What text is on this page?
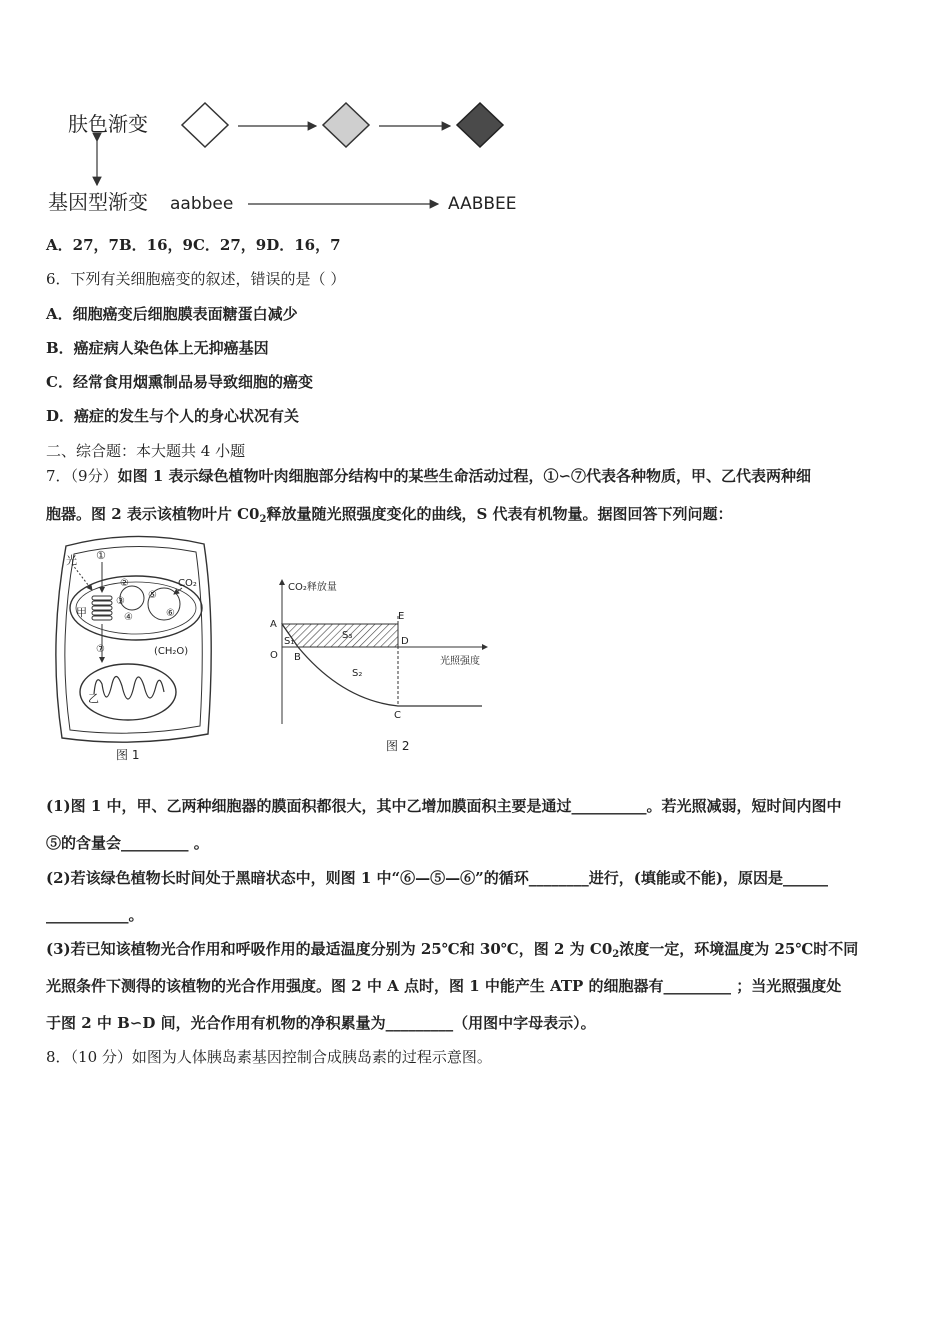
肤色渐变
基因型渐变 aabbee	AABBEE
A．27，7B．16，9C．27，9D．16，7
6．下列有关细胞癌变的叙述，错误的是（ ）
A．细胞癌变后细胞膜表面糖蛋白减少
B．癌症病人染色体上无抑癌基因
C．经常食用烟熏制品易导致细胞的癌变
D．癌症的发生与个人的身心状况有关
二、综合题：本大题共 4 小题
7．（9分）如图 1 表示绿色植物叶肉细胞部分结构中的某些生命活动过程，①∽⑦代表各种物质，甲、乙代表两种细
胞器。图 2 表示该植物叶片 $C0_2$释放量随光照强度变化的曲线，S 代表有机物量。据图回答下列问题：
光 ①
甲
②
③
④
⑤
⑥
CO₂
(CH₂O)
⑦
乙
图 1
CO₂释放量
光照强度
A
O B
E
D
C
S₁
S₃
S₂
图 2
(1)图 1 中，甲、乙两种细胞器的膜面积都很大，其中乙增加膜面积主要是通过__________。若光照减弱，短时间内图中
⑤的含量会_________ 。
(2)若该绿色植物长时间处于黑暗状态中，则图 1 中“⑥—⑤—⑥”的循环________进行，(填能或不能)，原因是______
___________。
(3)若已知该植物光合作用和呼吸作用的最适温度分别为 25℃和 30℃，图 2 为 $C0_2$浓度一定，环境温度为 25℃时不同
光照条件下测得的该植物的光合作用强度。图 2 中 A 点时，图 1 中能产生 ATP 的细胞器有_________ ；当光照强度处
于图 2 中 B∽D 间，光合作用有机物的净积累量为_________（用图中字母表示）。
8．（10 分）如图为人体胰岛素基因控制合成胰岛素的过程示意图。
